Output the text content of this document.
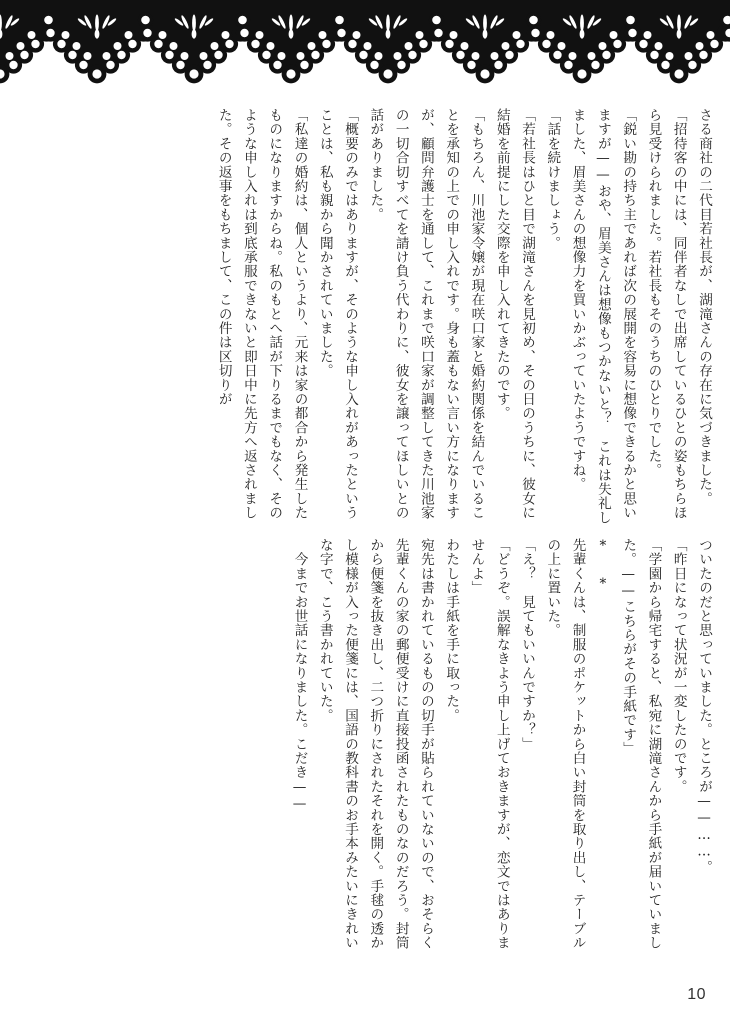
さる商社の二代目若社長が、湖滝さんの存在に気づきました。

「招待客の中には、同伴者なしで出席しているひとの姿もちらほら見受けられました。若社長もそのうちのひとりでした。

「鋭い勘の持ち主であれば次の展開を容易に想像できるかと思いますが——おや、眉美さんは想像もつかないと？　これは失礼しました、眉美さんの想像力を買いかぶっていたようですね。

「話を続けましょう。

「若社長はひと目で湖滝さんを見初め、その日のうちに、彼女に結婚を前提にした交際を申し入れてきたのです。

「もちろん、川池家令嬢が現在咲口家と婚約関係を結んでいることを承知の上での申し入れです。身も蓋もない言い方になりますが、顧問弁護士を通して、これまで咲口家が調整してきた川池家の一切合切すべてを請け負う代わりに、彼女を譲ってほしいとの話がありました。

「概要のみではありますが、そのような申し入れがあったということは、私も親から聞かされていました。

「私達の婚約は、個人というより、元来は家の都合から発生したものになりますからね。私のもとへ話が下りるまでもなく、そのような申し入れは到底承服できないと即日中に先方へ返されました。その返事をもちまして、この件は区切りが

ついたのだと思っていました。ところが——……。

「昨日になって状況が一変したのです。

「学園から帰宅すると、私宛に湖滝さんから手紙が届いていました。——こちらがその手紙です」

* *

先輩くんは、制服のポケットから白い封筒を取り出し、テーブルの上に置いた。

「え？　見てもいいんですか？」

「どうぞ。誤解なきよう申し上げておきますが、恋文ではありませんよ」

わたしは手紙を手に取った。

宛先は書かれているものの切手が貼られていないので、おそらく先輩くんの家の郵便受けに直接投函されたものなのだろう。封筒から便箋を抜き出し、二つ折りにされたそれを開く。手毬の透かし模様が入った便箋には、国語の教科書のお手本みたいにきれいな字で、こう書かれていた。

　今までお世話になりました。こだき——

10
